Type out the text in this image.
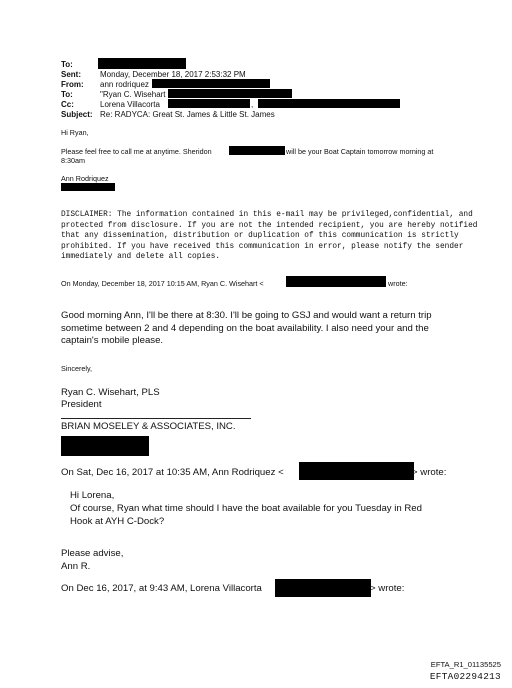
To:
Sent: Monday, December 18, 2017 2:53:32 PM
From: ann rodriquez
To:	"Ryan C. Wisehart
Cc:	Lorena Villacorta	,
Subject: Re: RADYCA: Great St. James & Little St. James
Hi Ryan,
Please feel free to call me at anytime. Sheridon	will be your Boat Captain tomorrow morning at
8:30am
Ann Rodriquez
DISCLAIMER: The information contained in this e-mail may be privileged,confidential, and
protected from disclosure. If you are not the intended recipient, you are hereby notified
that any dissemination, distribution or duplication of this communication is strictly
prohibited. If you have received this communication in error, please notify the sender
immediately and delete all copies.
On Monday, December 18, 2017 10:15 AM, Ryan C. Wisehart <	wrote:
Good morning Ann, I'll be there at 8:30. I'll be going to GSJ and would want a return trip
sometime between 2 and 4 depending on the boat availability. I also need your and the
captain's mobile please.
Sincerely,
Ryan C. Wisehart, PLS
President
BRIAN MOSELEY & ASSOCIATES, INC.
On Sat, Dec 16, 2017 at 10:35 AM, Ann Rodriquez <	> wrote:
Hi Lorena,
Of course, Ryan what time should I have the boat available for you Tuesday in Red
Hook at AYH C-Dock?
Please advise,
Ann R.
On Dec 16, 2017, at 9:43 AM, Lorena Villacorta	> wrote:
EFTA_R1_01135525
EFTA02294213
